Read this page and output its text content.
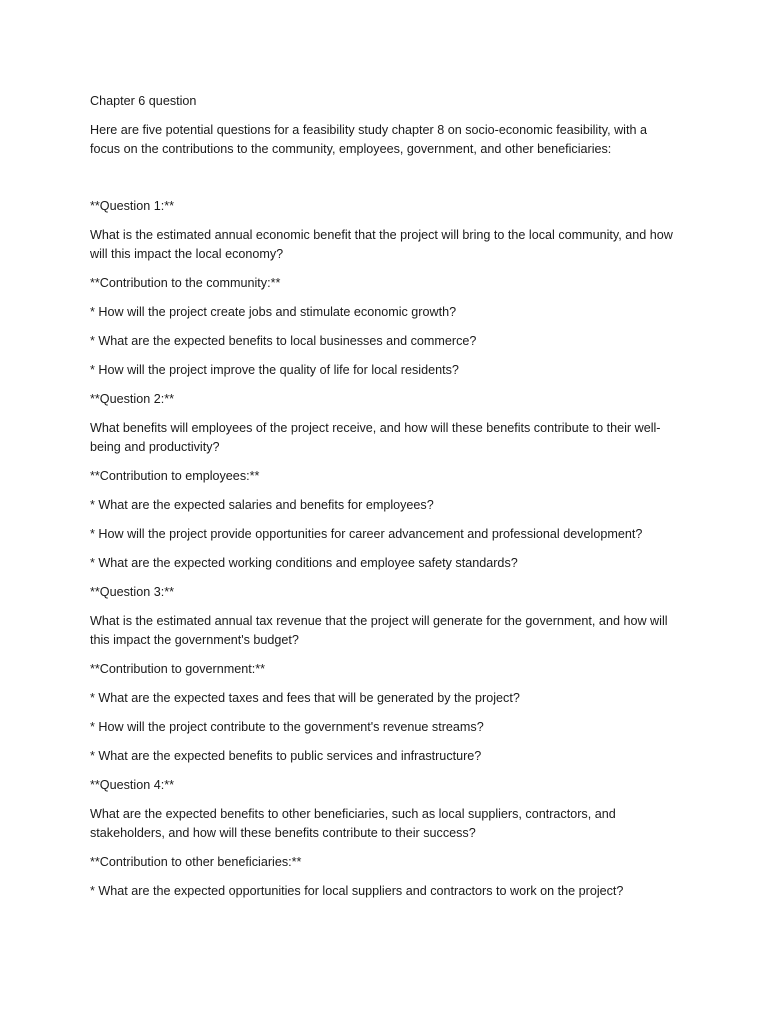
Chapter 6 question

Here are five potential questions for a feasibility study chapter 8 on socio-economic feasibility, with a focus on the contributions to the community, employees, government, and other beneficiaries:

**Question 1:**

What is the estimated annual economic benefit that the project will bring to the local community, and how will this impact the local economy?

**Contribution to the community:**

* How will the project create jobs and stimulate economic growth?

* What are the expected benefits to local businesses and commerce?

* How will the project improve the quality of life for local residents?

**Question 2:**

What benefits will employees of the project receive, and how will these benefits contribute to their well-being and productivity?

**Contribution to employees:**

* What are the expected salaries and benefits for employees?

* How will the project provide opportunities for career advancement and professional development?

* What are the expected working conditions and employee safety standards?

**Question 3:**

What is the estimated annual tax revenue that the project will generate for the government, and how will this impact the government's budget?

**Contribution to government:**

* What are the expected taxes and fees that will be generated by the project?

* How will the project contribute to the government's revenue streams?

* What are the expected benefits to public services and infrastructure?

**Question 4:**

What are the expected benefits to other beneficiaries, such as local suppliers, contractors, and stakeholders, and how will these benefits contribute to their success?

**Contribution to other beneficiaries:**

* What are the expected opportunities for local suppliers and contractors to work on the project?
